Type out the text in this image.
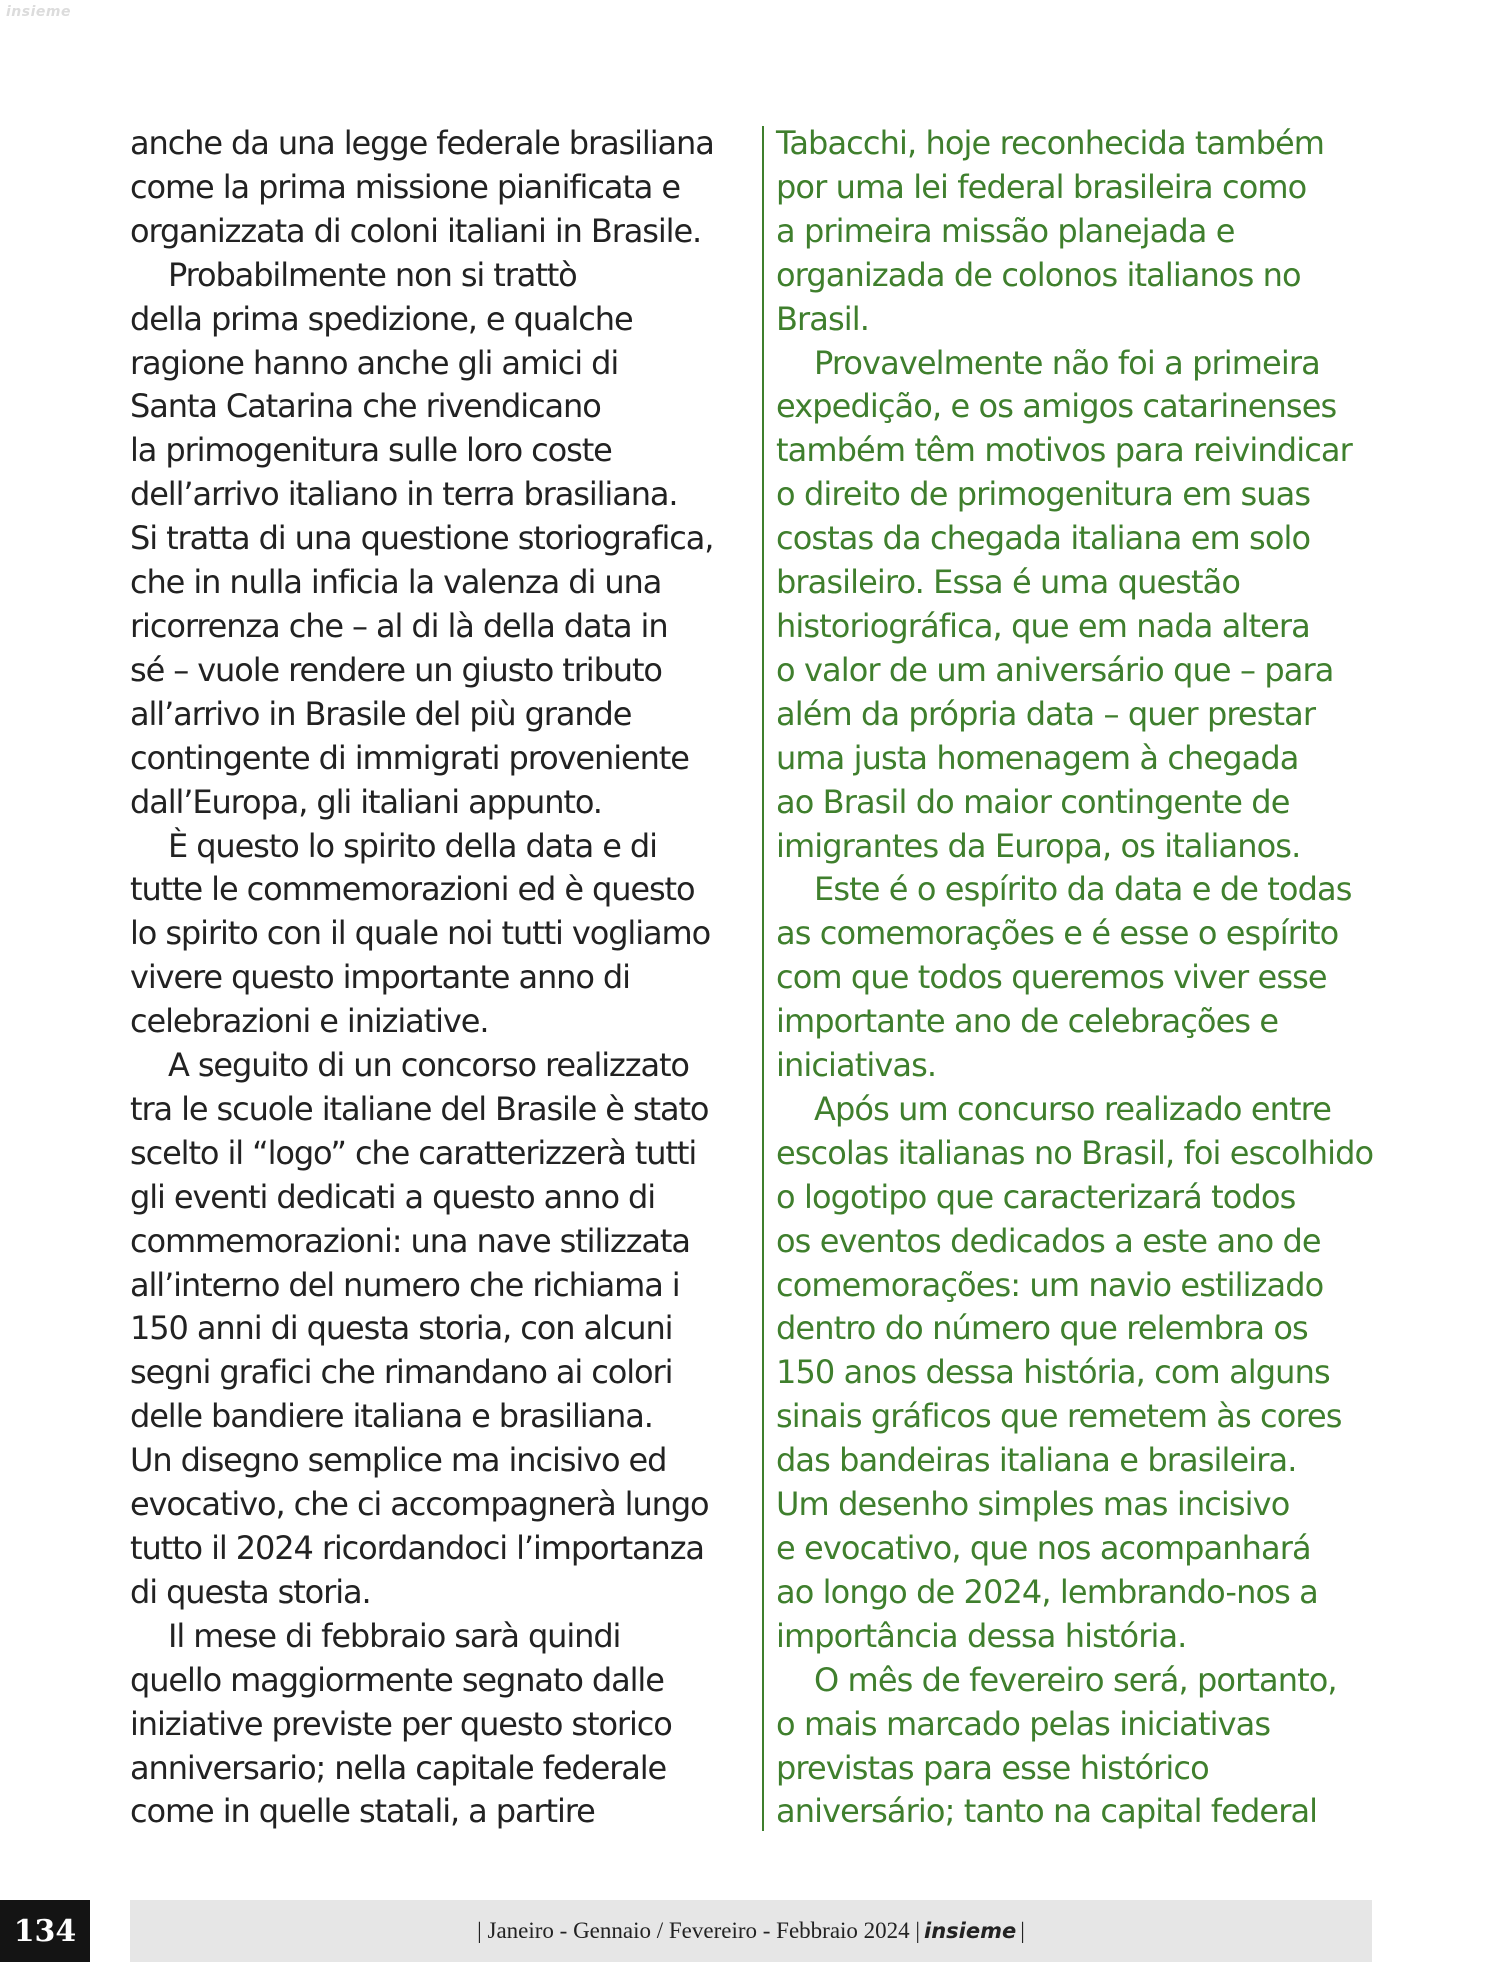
insieme

anche da una legge federale brasiliana
come la prima missione pianificata e
organizzata di coloni italiani in Brasile.

Probabilmente non si trattò
della prima spedizione, e qualche
ragione hanno anche gli amici di
Santa Catarina che rivendicano
la primogenitura sulle loro coste
dell’arrivo italiano in terra brasiliana.
Si tratta di una questione storiografica,
che in nulla inficia la valenza di una
ricorrenza che – al di là della data in
sé – vuole rendere un giusto tributo
all’arrivo in Brasile del più grande
contingente di immigrati proveniente
dall’Europa, gli italiani appunto.

È questo lo spirito della data e di
tutte le commemorazioni ed è questo
lo spirito con il quale noi tutti vogliamo
vivere questo importante anno di
celebrazioni e iniziative.

A seguito di un concorso realizzato
tra le scuole italiane del Brasile è stato
scelto il “logo” che caratterizzerà tutti
gli eventi dedicati a questo anno di
commemorazioni: una nave stilizzata
all’interno del numero che richiama i
150 anni di questa storia, con alcuni
segni grafici che rimandano ai colori
delle bandiere italiana e brasiliana.
Un disegno semplice ma incisivo ed
evocativo, che ci accompagnerà lungo
tutto il 2024 ricordandoci l’importanza
di questa storia.

Il mese di febbraio sarà quindi
quello maggiormente segnato dalle
iniziative previste per questo storico
anniversario; nella capitale federale
come in quelle statali, a partire

Tabacchi, hoje reconhecida também
por uma lei federal brasileira como
a primeira missão planejada e
organizada de colonos italianos no
Brasil.

Provavelmente não foi a primeira
expedição, e os amigos catarinenses
também têm motivos para reivindicar
o direito de primogenitura em suas
costas da chegada italiana em solo
brasileiro. Essa é uma questão
historiográfica, que em nada altera
o valor de um aniversário que – para
além da própria data – quer prestar
uma justa homenagem à chegada
ao Brasil do maior contingente de
imigrantes da Europa, os italianos.

Este é o espírito da data e de todas
as comemorações e é esse o espírito
com que todos queremos viver esse
importante ano de celebrações e
iniciativas.

Após um concurso realizado entre
escolas italianas no Brasil, foi escolhido
o logotipo que caracterizará todos
os eventos dedicados a este ano de
comemorações: um navio estilizado
dentro do número que relembra os
150 anos dessa história, com alguns
sinais gráficos que remetem às cores
das bandeiras italiana e brasileira.
Um desenho simples mas incisivo
e evocativo, que nos acompanhará
ao longo de 2024, lembrando-nos a
importância dessa história.

O mês de fevereiro será, portanto,
o mais marcado pelas iniciativas
previstas para esse histórico
aniversário; tanto na capital federal

134	| Janeiro - Gennaio / Fevereiro - Febbraio 2024 | insieme |
